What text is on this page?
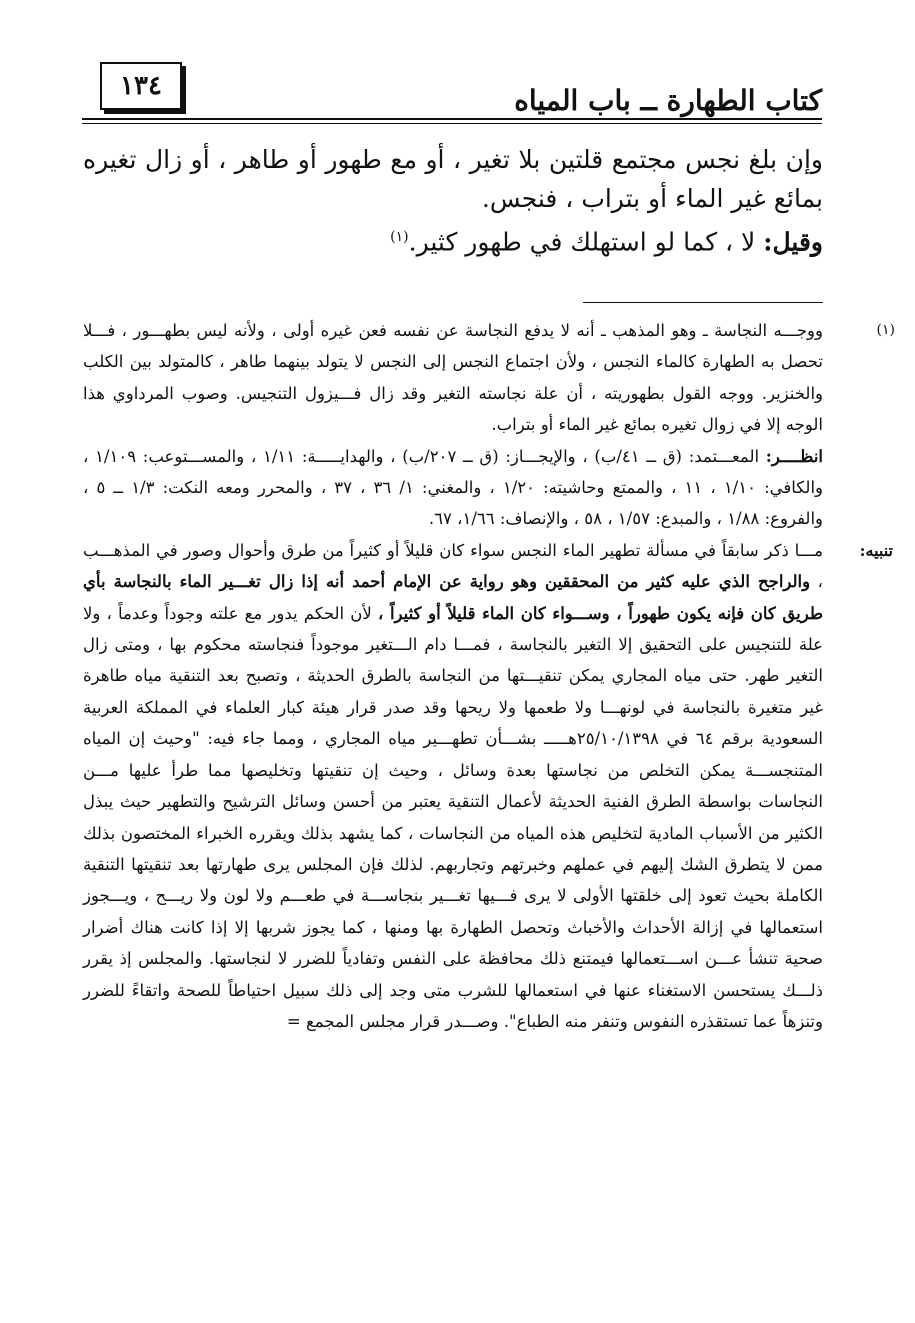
كتاب الطهارة ــ باب المياه
١٣٤

وإن بلغ نجس مجتمع قلتين بلا تغير ، أو مع طهور أو طاهر ، أو زال تغيره بمائع غير الماء أو بتراب ، فنجس.

وقيل: لا ، كما لو استهلك في طهور كثير.$^{(١)}$

(١)

ووجـــه النجاسة ـ وهو المذهب ـ أنه لا يدفع النجاسة عن نفسه فعن غيره أولى ، ولأنه ليس بطهـــور ، فـــلا تحصل به الطهارة كالماء النجس ، ولأن اجتماع النجس إلى النجس لا يتولد بينهما طاهر ، كالمتولد بين الكلب والخنزير. ووجه القول بطهوريته ، أن علة نجاسته التغير وقد زال فـــيزول التنجيس. وصوب المرداوي هذا الوجه إلا في زوال تغيره بمائع غير الماء أو بتراب.
انظــــر: المعـــتمد: (ق ــ ٤١/ب) ، والإيجـــاز: (ق ــ ٢٠٧/ب) ، والهدايـــــة: ١/١١ ، والمســـتوعب: ١/١٠٩ ، والكافي: ١/١٠ ، ١١ ، والممتع وحاشيته: ١/٢٠ ، والمغني: ١/ ٣٦ ، ٣٧ ، والمحرر ومعه النكت: ١/٣ ــ ٥ ، والفروع: ١/٨٨ ، والمبدع: ١/٥٧ ، ٥٨ ، والإنصاف: ١/٦٦، ٦٧.

تنبيه:

مـــا ذكر سابقاً في مسألة تطهير الماء النجس سواء كان قليلاً أو كثيراً من طرق وأحوال وصور في المذهـــب ، والراجح الذي عليه كثير من المحققين وهو رواية عن الإمام أحمد أنه إذا زال تغـــير الماء بالنجاسة بأي طريق كان فإنه يكون طهوراً ، وســـواء كان الماء قليلاً أو كثيراً ، لأن الحكم يدور مع علته وجوداً وعدماً ، ولا علة للتنجيس على التحقيق إلا التغير بالنجاسة ، فمـــا دام الـــتغير موجوداً فنجاسته محكوم بها ، ومتى زال التغير طهر. حتى مياه المجاري يمكن تنقيـــتها من النجاسة بالطرق الحديثة ، وتصبح بعد التنقية مياه طاهرة غير متغيرة بالنجاسة في لونهـــا ولا طعمها ولا ريحها وقد صدر قرار هيئة كبار العلماء في المملكة العربية السعودية برقم ٦٤ في ٢٥/١٠/١٣٩٨هـــــ بشـــأن تطهـــير مياه المجاري ، ومما جاء فيه: "وحيث إن المياه المتنجســـة يمكن التخلص من نجاستها بعدة وسائل ، وحيث إن تنقيتها وتخليصها مما طرأ عليها مـــن النجاسات بواسطة الطرق الفنية الحديثة لأعمال التنقية يعتبر من أحسن وسائل الترشيح والتطهير حيث يبذل الكثير من الأسباب المادية لتخليص هذه المياه من النجاسات ، كما يشهد بذلك ويقرره الخبراء المختصون بذلك ممن لا يتطرق الشك إليهم في عملهم وخبرتهم وتجاربهم. لذلك فإن المجلس يرى طهارتها بعد تنقيتها التنقية الكاملة بحيث تعود إلى خلقتها الأولى لا يرى فـــيها تغـــير بنجاســـة في طعـــم ولا لون ولا ريـــح ، ويـــجوز استعمالها في إزالة الأحداث والأخباث وتحصل الطهارة بها ومنها ، كما يجوز شربها إلا إذا كانت هناك أضرار صحية تنشأ عـــن اســـتعمالها فيمتنع ذلك محافظة على النفس وتفادياً للضرر لا لنجاستها. والمجلس إذ يقرر ذلـــك يستحسن الاستغناء عنها في استعمالها للشرب متى وجد إلى ذلك سبيل احتياطاً للصحة واتقاءً للضرر وتنزهاً عما تستقذره النفوس وتنفر منه الطباع". وصـــدر قرار مجلس المجمع =
